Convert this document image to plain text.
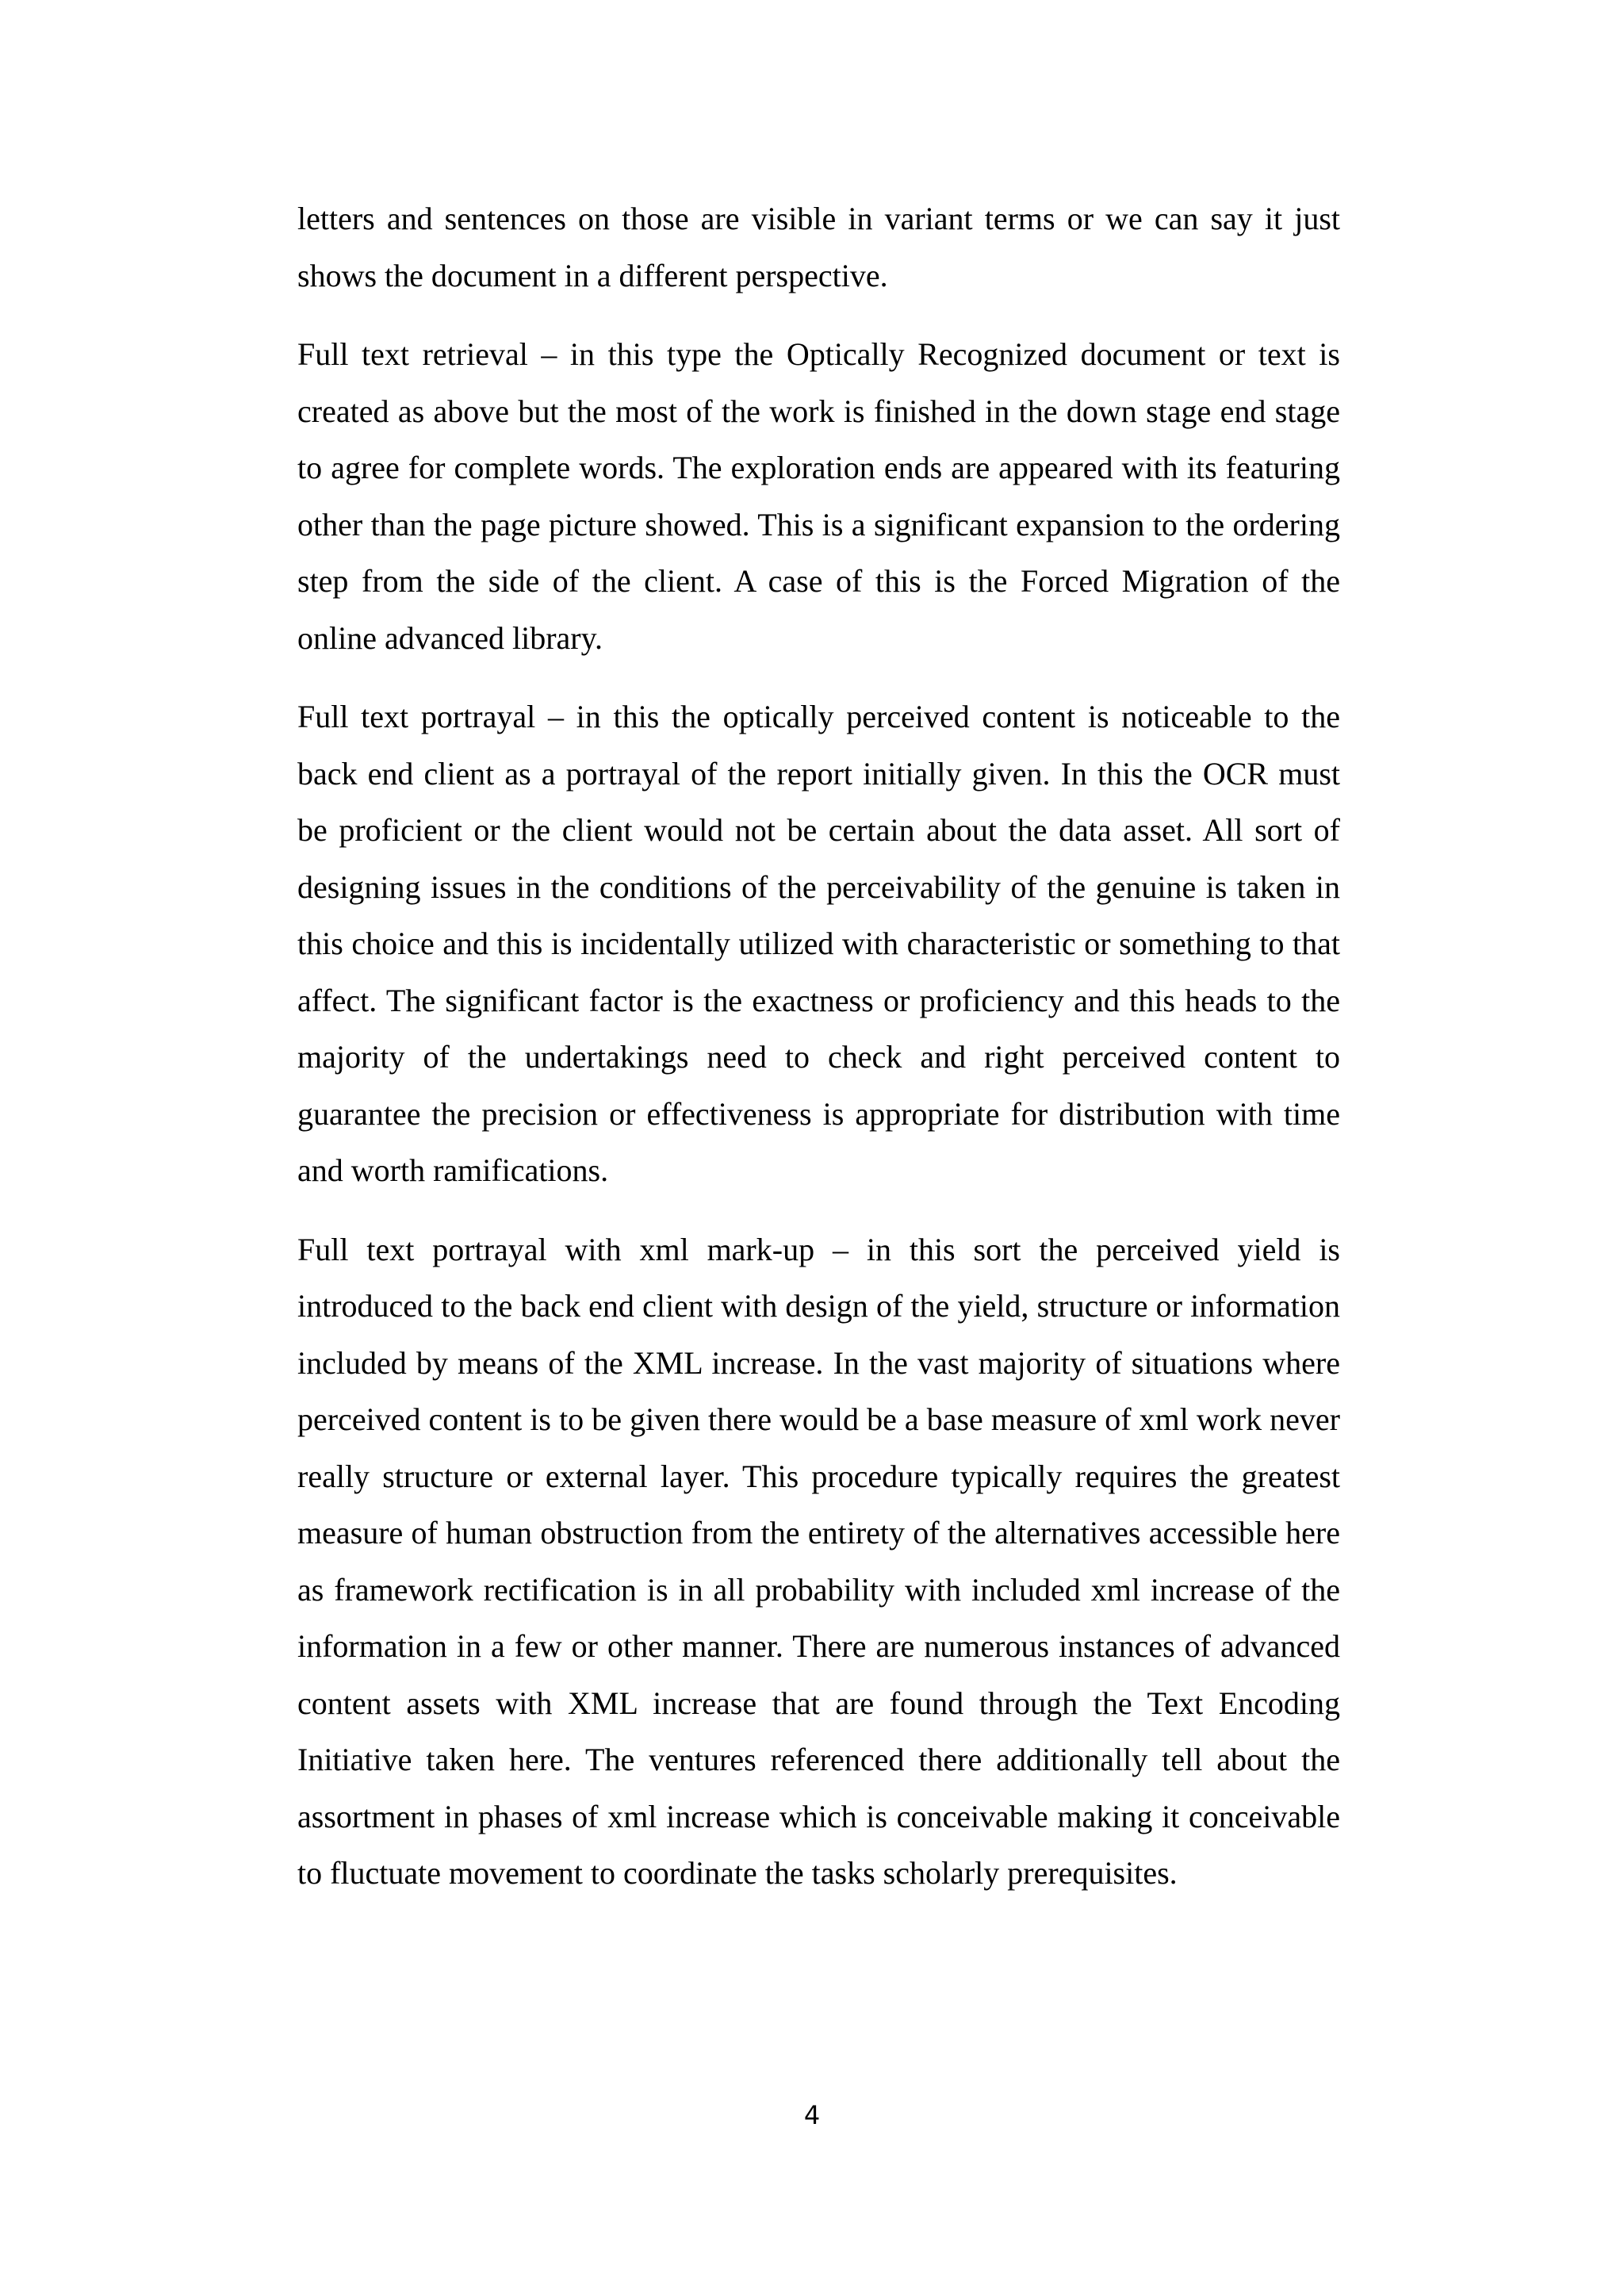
letters and sentences on those are visible in variant terms or we can say it just shows the document in a different perspective.

Full text retrieval – in this type the Optically Recognized document or text is created as above but the most of the work is finished in the down stage end stage to agree for complete words. The exploration ends are appeared with its featuring other than the page picture showed. This is a significant expansion to the ordering step from the side of the client. A case of this is the Forced Migration of the online advanced library.

Full text portrayal – in this the optically perceived content is noticeable to the back end client as a portrayal of the report initially given. In this the OCR must be proficient or the client would not be certain about the data asset. All sort of designing issues in the conditions of the perceivability of the genuine is taken in this choice and this is incidentally utilized with characteristic or something to that affect. The significant factor is the exactness or proficiency and this heads to the majority of the undertakings need to check and right perceived content to guarantee the precision or effectiveness is appropriate for distribution with time and worth ramifications.

Full text portrayal with xml mark-up – in this sort the perceived yield is introduced to the back end client with design of the yield, structure or information included by means of the XML increase. In the vast majority of situations where perceived content is to be given there would be a base measure of xml work never really structure or external layer. This procedure typically requires the greatest measure of human obstruction from the entirety of the alternatives accessible here as framework rectification is in all probability with included xml increase of the information in a few or other manner. There are numerous instances of advanced content assets with XML increase that are found through the Text Encoding Initiative taken here. The ventures referenced there additionally tell about the assortment in phases of xml increase which is conceivable making it conceivable to fluctuate movement to coordinate the tasks scholarly prerequisites.

4
